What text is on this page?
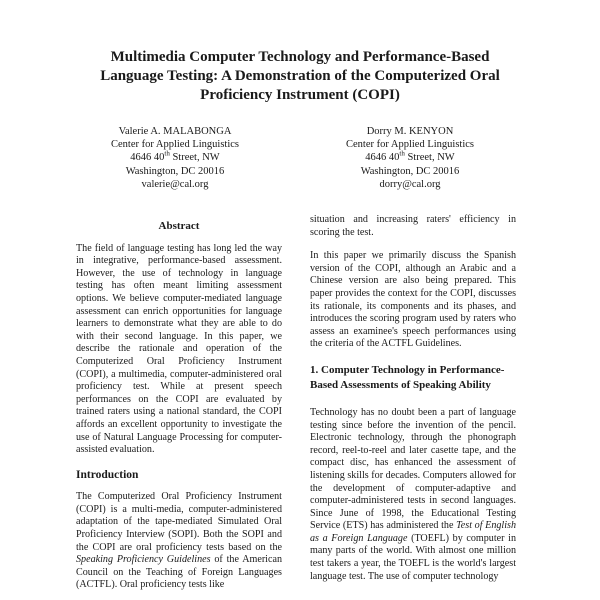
Multimedia Computer Technology and Performance-Based
Language Testing: A Demonstration of the Computerized Oral
Proficiency Instrument (COPI)
Valerie A. MALABONGA
Center for Applied Linguistics
4646 40th Street, NW
Washington, DC 20016
valerie@cal.org
Dorry M. KENYON
Center for Applied Linguistics
4646 40th Street, NW
Washington, DC 20016
dorry@cal.org
Abstract

The field of language testing has long led the way in integrative, performance-based assessment. However, the use of technology in language testing has often meant limiting assessment options. We believe computer-mediated language assessment can enrich opportunities for language learners to demonstrate what they are able to do with their second language. In this paper, we describe the rationale and operation of the Computerized Oral Proficiency Instrument (COPI), a multimedia, computer-administered oral proficiency test. While at present speech performances on the COPI are evaluated by trained raters using a national standard, the COPI affords an excellent opportunity to investigate the use of Natural Language Processing for computer-assisted evaluation.

Introduction

The Computerized Oral Proficiency Instrument (COPI) is a multi-media, computer-administered adaptation of the tape-mediated Simulated Oral Proficiency Interview (SOPI). Both the SOPI and the COPI are oral proficiency tests based on the Speaking Proficiency Guidelines of the American Council on the Teaching of Foreign Languages (ACTFL). Oral proficiency tests like

situation and increasing raters' efficiency in scoring the test.

In this paper we primarily discuss the Spanish version of the COPI, although an Arabic and a Chinese version are also being prepared. This paper provides the context for the COPI, discusses its rationale, its components and its phases, and introduces the scoring program used by raters who assess an examinee's speech performances using the criteria of the ACTFL Guidelines.

1. Computer Technology in Performance-Based Assessments of Speaking Ability

Technology has no doubt been a part of language testing since before the invention of the pencil. Electronic technology, through the phonograph record, reel-to-reel and later casette tape, and the compact disc, has enhanced the assessment of listening skills for decades. Computers allowed for the development of computer-adaptive and computer-administered tests in second languages. Since June of 1998, the Educational Testing Service (ETS) has administered the Test of English as a Foreign Language (TOEFL) by computer in many parts of the world. With almost one million test takers a year, the TOEFL is the world's largest language test. The use of computer technology
